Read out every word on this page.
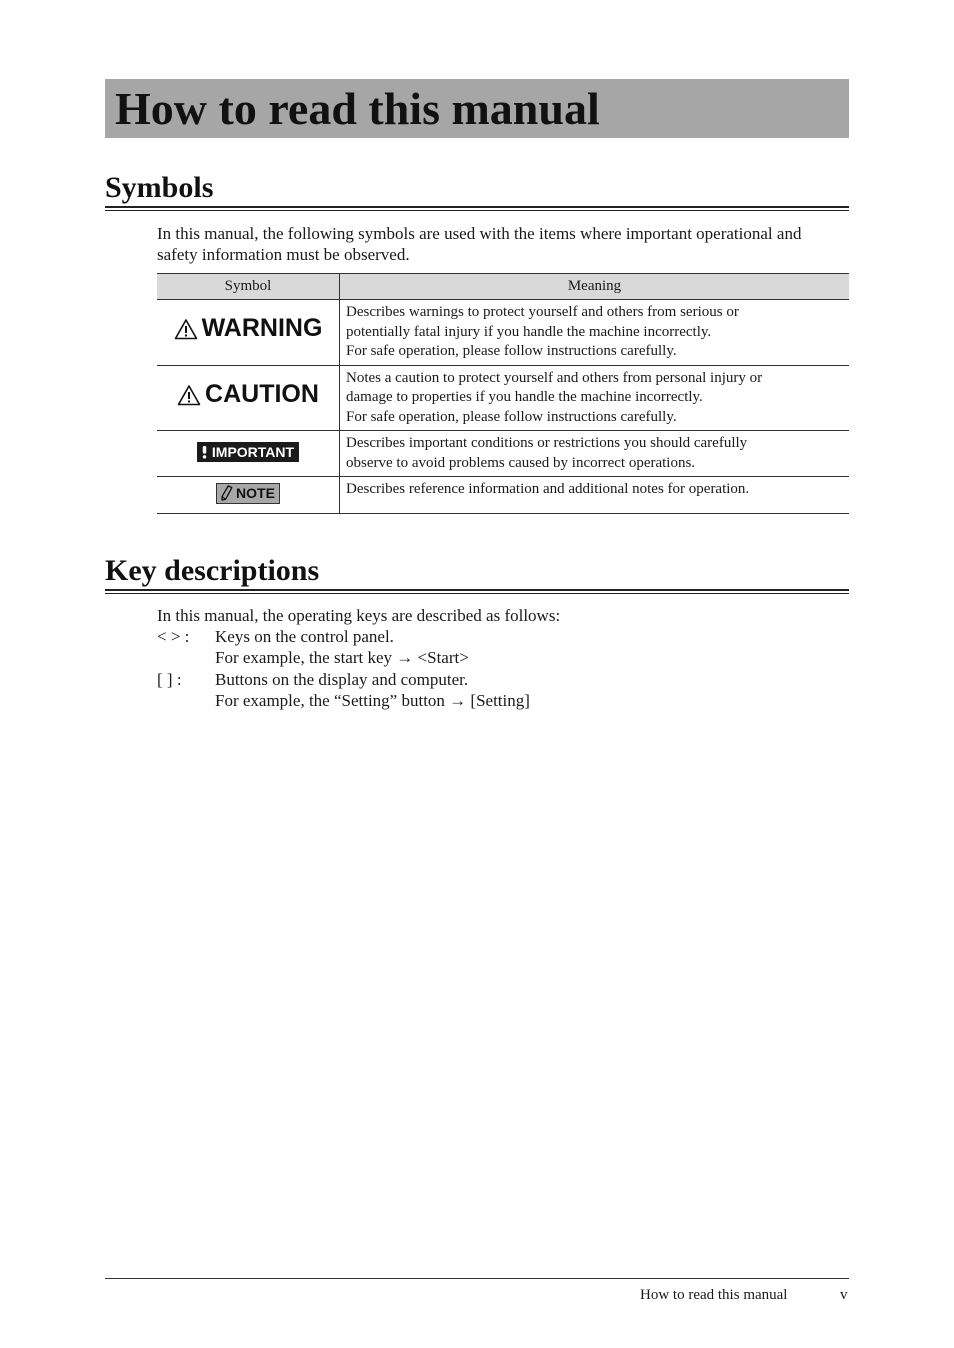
How to read this manual
Symbols

In this manual, the following symbols are used with the items where important operational and safety information must be observed.

Symbol	Meaning

WARNING	Describes warnings to protect yourself and others from serious or
potentially fatal injury if you handle the machine incorrectly.
For safe operation, please follow instructions carefully.

CAUTION	Notes a caution to protect yourself and others from personal injury or
damage to properties if you handle the machine incorrectly.
For safe operation, please follow instructions carefully.

IMPORTANT	Describes important conditions or restrictions you should carefully
observe to avoid problems caused by incorrect operations.

NOTE	Describes reference information and additional notes for operation.
Key descriptions

In this manual, the operating keys are described as follows:

< > :	Keys on the control panel.
For example, the start key → <Start>
[ ] :	Buttons on the display and computer.
For example, the “Setting” button → [Setting]
How to read this manual	v
